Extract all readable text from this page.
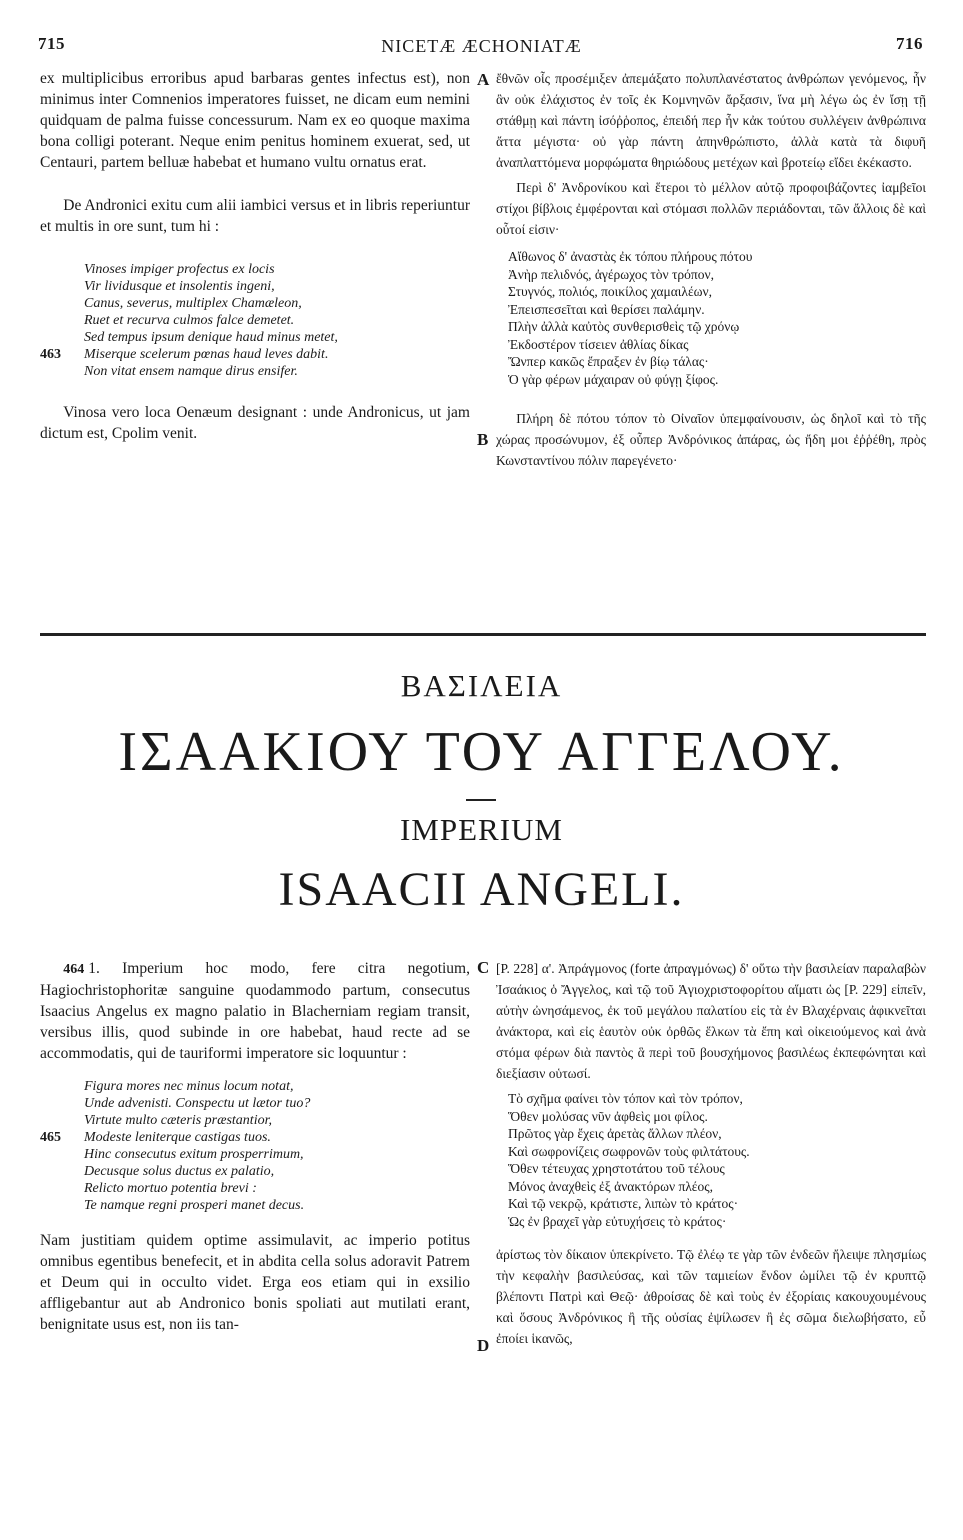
715	NICETÆ ÆCHONIATÆ	716

ex multiplicibus erroribus apud barbaras gentes infectus est), non minimus inter Comnenios imperatores fuisset, ne dicam eum nemini quidquam de palma fuisse concessurum. Nam ex eo quoque maxima bona colligi poterant. Neque enim penitus hominem exuerat, sed, ut Centauri, partem belluæ habebat et humano vultu ornatus erat.

De Andronici exitu cum alii iambici versus et in libris reperiuntur et multis in ore sunt, tum hi :

Vinoses impiger profectus ex locis
Vir lividusque et insolentis ingeni,
Canus, severus, multiplex Chamæleon,
Ruet et recurva culmos falce demetet.
Sed tempus ipsum denique haud minus metet,
463 Miserque scelerum pœnas haud leves dabit.
Non vitat ensem namque dirus ensifer.

Vinosa vero loca Oenæum designant : unde Andronicus, ut jam dictum est, Cpolim venit.

A
B

ἔθνῶν οἷς προσέμιξεν ἀπεμάξατο πολυπλανέστατος ἀνθρώπων γενόμενος, ἦν ἂν οὐκ ἐλάχιστος ἐν τοῖς ἐκ Κομνηνῶν ἄρξασιν, ἵνα μὴ λέγω ὡς ἐν ἴσῃ τῇ στάθμῃ καὶ πάντη ἰσόῤῥοπος, ἐπειδή περ ἦν κἀκ τούτου συλλέγειν ἀνθρώπινα ἄττα μέγιστα· οὐ γὰρ πάντη ἀπηνθρώπιστο, ἀλλὰ κατὰ τὰ διφυῆ ἀναπλαττόμενα μορφώματα θηριώδους μετέχων καὶ βροτείῳ εἴδει ἐκέκαστο.

Περὶ δ' Ἀνδρονίκου καὶ ἕτεροι τὸ μέλλον αὐτῷ προφοιβάζοντες ἰαμβεῖοι στίχοι βίβλοις ἐμφέρονται καὶ στόμασι πολλῶν περιάδονται, τῶν ἄλλοις δὲ καὶ οὗτοί εἰσιν·

Αἴθωνος δ' ἀναστὰς ἐκ τόπου πλήρους πότου
Ἀνὴρ πελιδνός, ἀγέρωχος τὸν τρόπον,
Στυγνός, πολιός, ποικίλος χαμαιλέων,
Ἐπεισπεσεῖται καὶ θερίσει παλάμην.
Πλὴν ἀλλὰ καὐτὸς συνθερισθεὶς τῷ χρόνῳ
Ἐκδοστέρον τίσειεν ἀθλίας δίκας
Ὤνπερ κακῶς ἔπραξεν ἐν βίῳ τάλας·
Ὁ γὰρ φέρων μάχαιραν οὐ φύγῃ ξίφος.

Πλήρη δὲ πότου τόπον τὸ Οἰναῖον ὑπεμφαίνουσιν, ὡς δηλοῖ καὶ τὸ τῆς χώρας προσώνυμον, ἐξ οὗπερ Ἀνδρόνικος ἀπάρας, ὡς ἤδη μοι ἐῤῥέθη, πρὸς Κωνσταντίνου πόλιν παρεγένετο·

ΒΑΣΙΛΕΙΑ
ΙΣΑΑΚΙΟΥ ΤΟΥ ΑΓΓΕΛΟΥ.
IMPERIUM
ISAACII ANGELI.

464 1. Imperium hoc modo, fere citra negotium, Hagiochristophoritæ sanguine quodammodo partum, consecutus Isaacius Angelus ex magno palatio in Blacherniam regiam transit, versibus illis, quod subinde in ore habebat, haud recte ad se accommodatis, qui de tauriformi imperatore sic loquuntur :

Figura mores nec minus locum notat,
Unde advenisti. Conspectu ut lætor tuo?
Virtute multo cæteris præstantior,
465 Modeste leniterque castigas tuos.
Hinc consecutus exitum prosperrimum,
Decusque solus ductus ex palatio,
Relicto mortuo potentia brevi :
Te namque regni prosperi manet decus.

Nam justitiam quidem optime assimulavit, ac imperio potitus omnibus egentibus benefecit, et in abdita cella solus adoravit Patrem et Deum qui in occulto videt. Erga eos etiam qui in exsilio affligebantur aut ab Andronico bonis spoliati aut mutilati erant, benignitate usus est, non iis tan-

C
D

[P. 228] α'. Ἀπράγμονος (forte ἀπραγμόνως) δ' οὕτω τὴν βασιλείαν παραλαβὼν Ἰσαάκιος ὁ Ἄγγελος, καὶ τῷ τοῦ Ἁγιοχριστοφορίτου αἵματι ὡς [P. 229] εἰπεῖν, αὐτὴν ὠνησάμενος, ἐκ τοῦ μεγάλου παλατίου εἰς τὰ ἐν Βλαχέρναις ἀφικνεῖται ἀνάκτορα, καὶ εἰς ἑαυτὸν οὐκ ὀρθῶς ἕλκων τὰ ἔπη καὶ οἰκειούμενος καὶ ἀνὰ στόμα φέρων διὰ παντὸς ἃ περὶ τοῦ βουσχήμονος βασιλέως ἐκπεφώνηται καὶ διεξίασιν οὑτωσί.

Τὸ σχῆμα φαίνει τὸν τόπον καὶ τὸν τρόπον,
Ὅθεν μολύσας νῦν ἀφθεὶς μοι φίλος.
Πρῶτος γὰρ ἔχεις ἀρετὰς ἄλλων πλέον,
Καὶ σωφρονίζεις σωφρονῶν τοὺς φιλτάτους.
Ὅθεν τέτευχας χρηστοτάτου τοῦ τέλους
Μόνος ἀναχθεὶς ἐξ ἀνακτόρων πλέος,
Καὶ τῷ νεκρῷ, κράτιστε, λιπὼν τὸ κράτος·
Ὡς ἐν βραχεῖ γὰρ εὐτυχήσεις τὸ κράτος·

ἀρίστως τὸν δίκαιον ὑπεκρίνετο. Τῷ ἐλέῳ τε γὰρ τῶν ἐνδεῶν ἤλειψε πλησμίως τὴν κεφαλὴν βασιλεύσας, καὶ τῶν ταμιείων ἔνδον ὡμίλει τῷ ἐν κρυπτῷ βλέποντι Πατρὶ καὶ Θεῷ· ἀθροίσας δὲ καὶ τοὺς ἐν ἐξορίαις κακουχουμένους καὶ ὅσους Ἀνδρόνικος ἢ τῆς οὐσίας ἐψίλωσεν ἢ ἐς σῶμα διελωβήσατο, εὖ ἐποίει ἱκανῶς,
